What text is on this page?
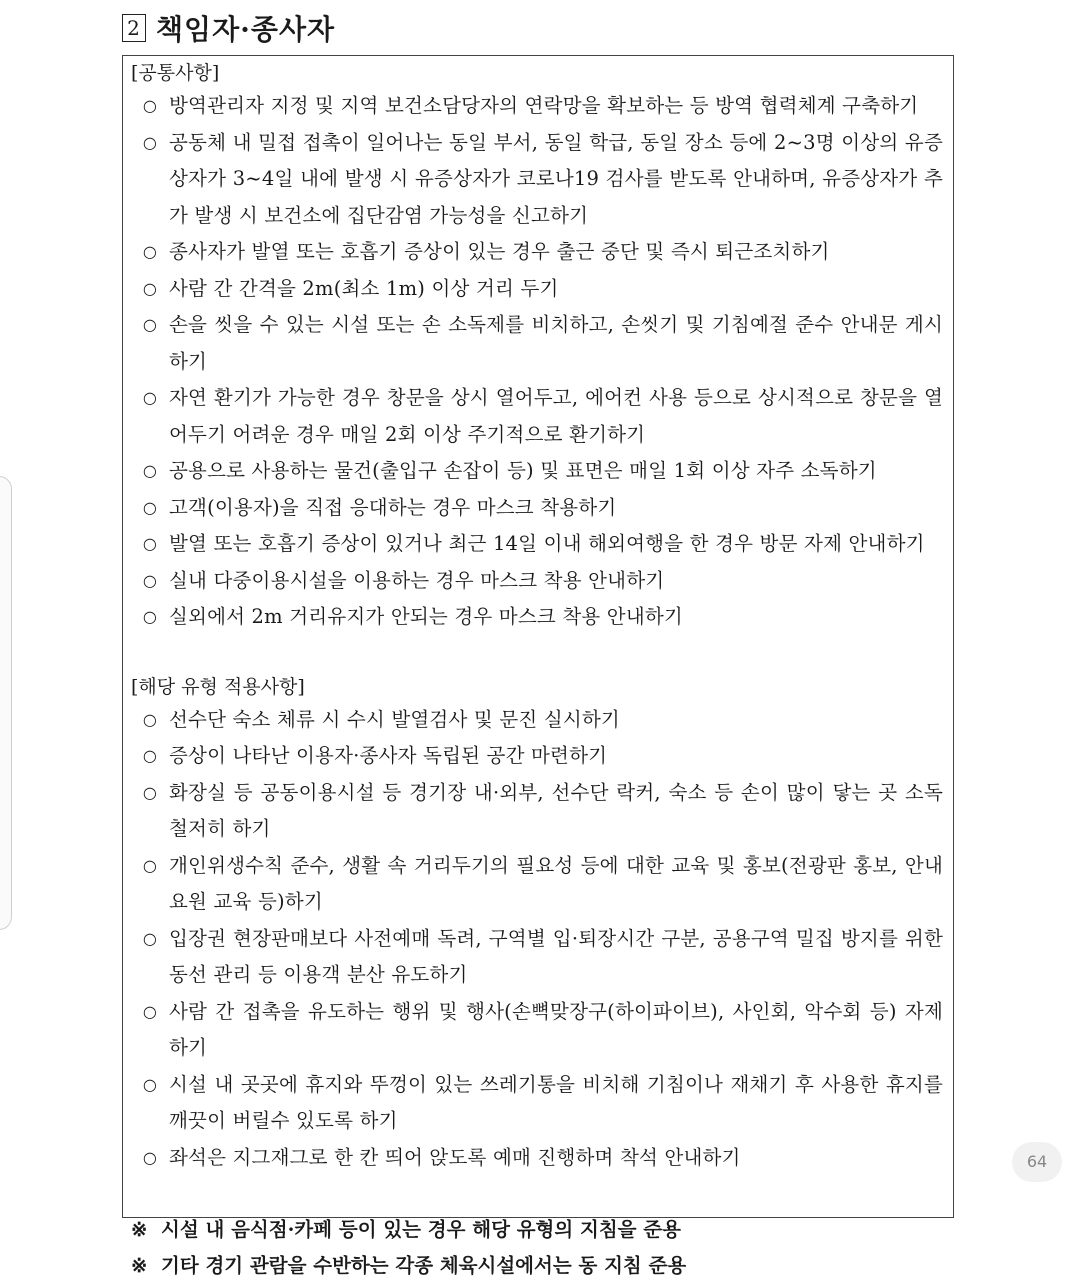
2 책임자·종사자
[공통사항]
○ 방역관리자 지정 및 지역 보건소담당자의 연락망을 확보하는 등 방역 협력체계 구축하기
○ 공동체 내 밀접 접촉이 일어나는 동일 부서, 동일 학급, 동일 장소 등에 2~3명 이상의 유증상자가 3~4일 내에 발생 시 유증상자가 코로나19 검사를 받도록 안내하며, 유증상자가 추가 발생 시 보건소에 집단감염 가능성을 신고하기
○ 종사자가 발열 또는 호흡기 증상이 있는 경우 출근 중단 및 즉시 퇴근조치하기
○ 사람 간 간격을 2m(최소 1m) 이상 거리 두기
○ 손을 씻을 수 있는 시설 또는 손 소독제를 비치하고, 손씻기 및 기침예절 준수 안내문 게시하기
○ 자연 환기가 가능한 경우 창문을 상시 열어두고, 에어컨 사용 등으로 상시적으로 창문을 열어두기 어려운 경우 매일 2회 이상 주기적으로 환기하기
○ 공용으로 사용하는 물건(출입구 손잡이 등) 및 표면은 매일 1회 이상 자주 소독하기
○ 고객(이용자)을 직접 응대하는 경우 마스크 착용하기
○ 발열 또는 호흡기 증상이 있거나 최근 14일 이내 해외여행을 한 경우 방문 자제 안내하기
○ 실내 다중이용시설을 이용하는 경우 마스크 착용 안내하기
○ 실외에서 2m 거리유지가 안되는 경우 마스크 착용 안내하기
[해당 유형 적용사항]
○ 선수단 숙소 체류 시 수시 발열검사 및 문진 실시하기
○ 증상이 나타난 이용자·종사자 독립된 공간 마련하기
○ 화장실 등 공동이용시설 등 경기장 내·외부, 선수단 락커, 숙소 등 손이 많이 닿는 곳 소독 철저히 하기
○ 개인위생수칙 준수, 생활 속 거리두기의 필요성 등에 대한 교육 및 홍보(전광판 홍보, 안내요원 교육 등)하기
○ 입장권 현장판매보다 사전예매 독려, 구역별 입·퇴장시간 구분, 공용구역 밀집 방지를 위한 동선 관리 등 이용객 분산 유도하기
○ 사람 간 접촉을 유도하는 행위 및 행사(손뼉맞장구(하이파이브), 사인회, 악수회 등) 자제하기
○ 시설 내 곳곳에 휴지와 뚜껑이 있는 쓰레기통을 비치해 기침이나 재채기 후 사용한 휴지를 깨끗이 버릴수 있도록 하기
○ 좌석은 지그재그로 한 칸 띄어 앉도록 예매 진행하며 착석 안내하기
※ 시설 내 음식점·카페 등이 있는 경우 해당 유형의 지침을 준용
※ 기타 경기 관람을 수반하는 각종 체육시설에서는 동 지침 준용
64
